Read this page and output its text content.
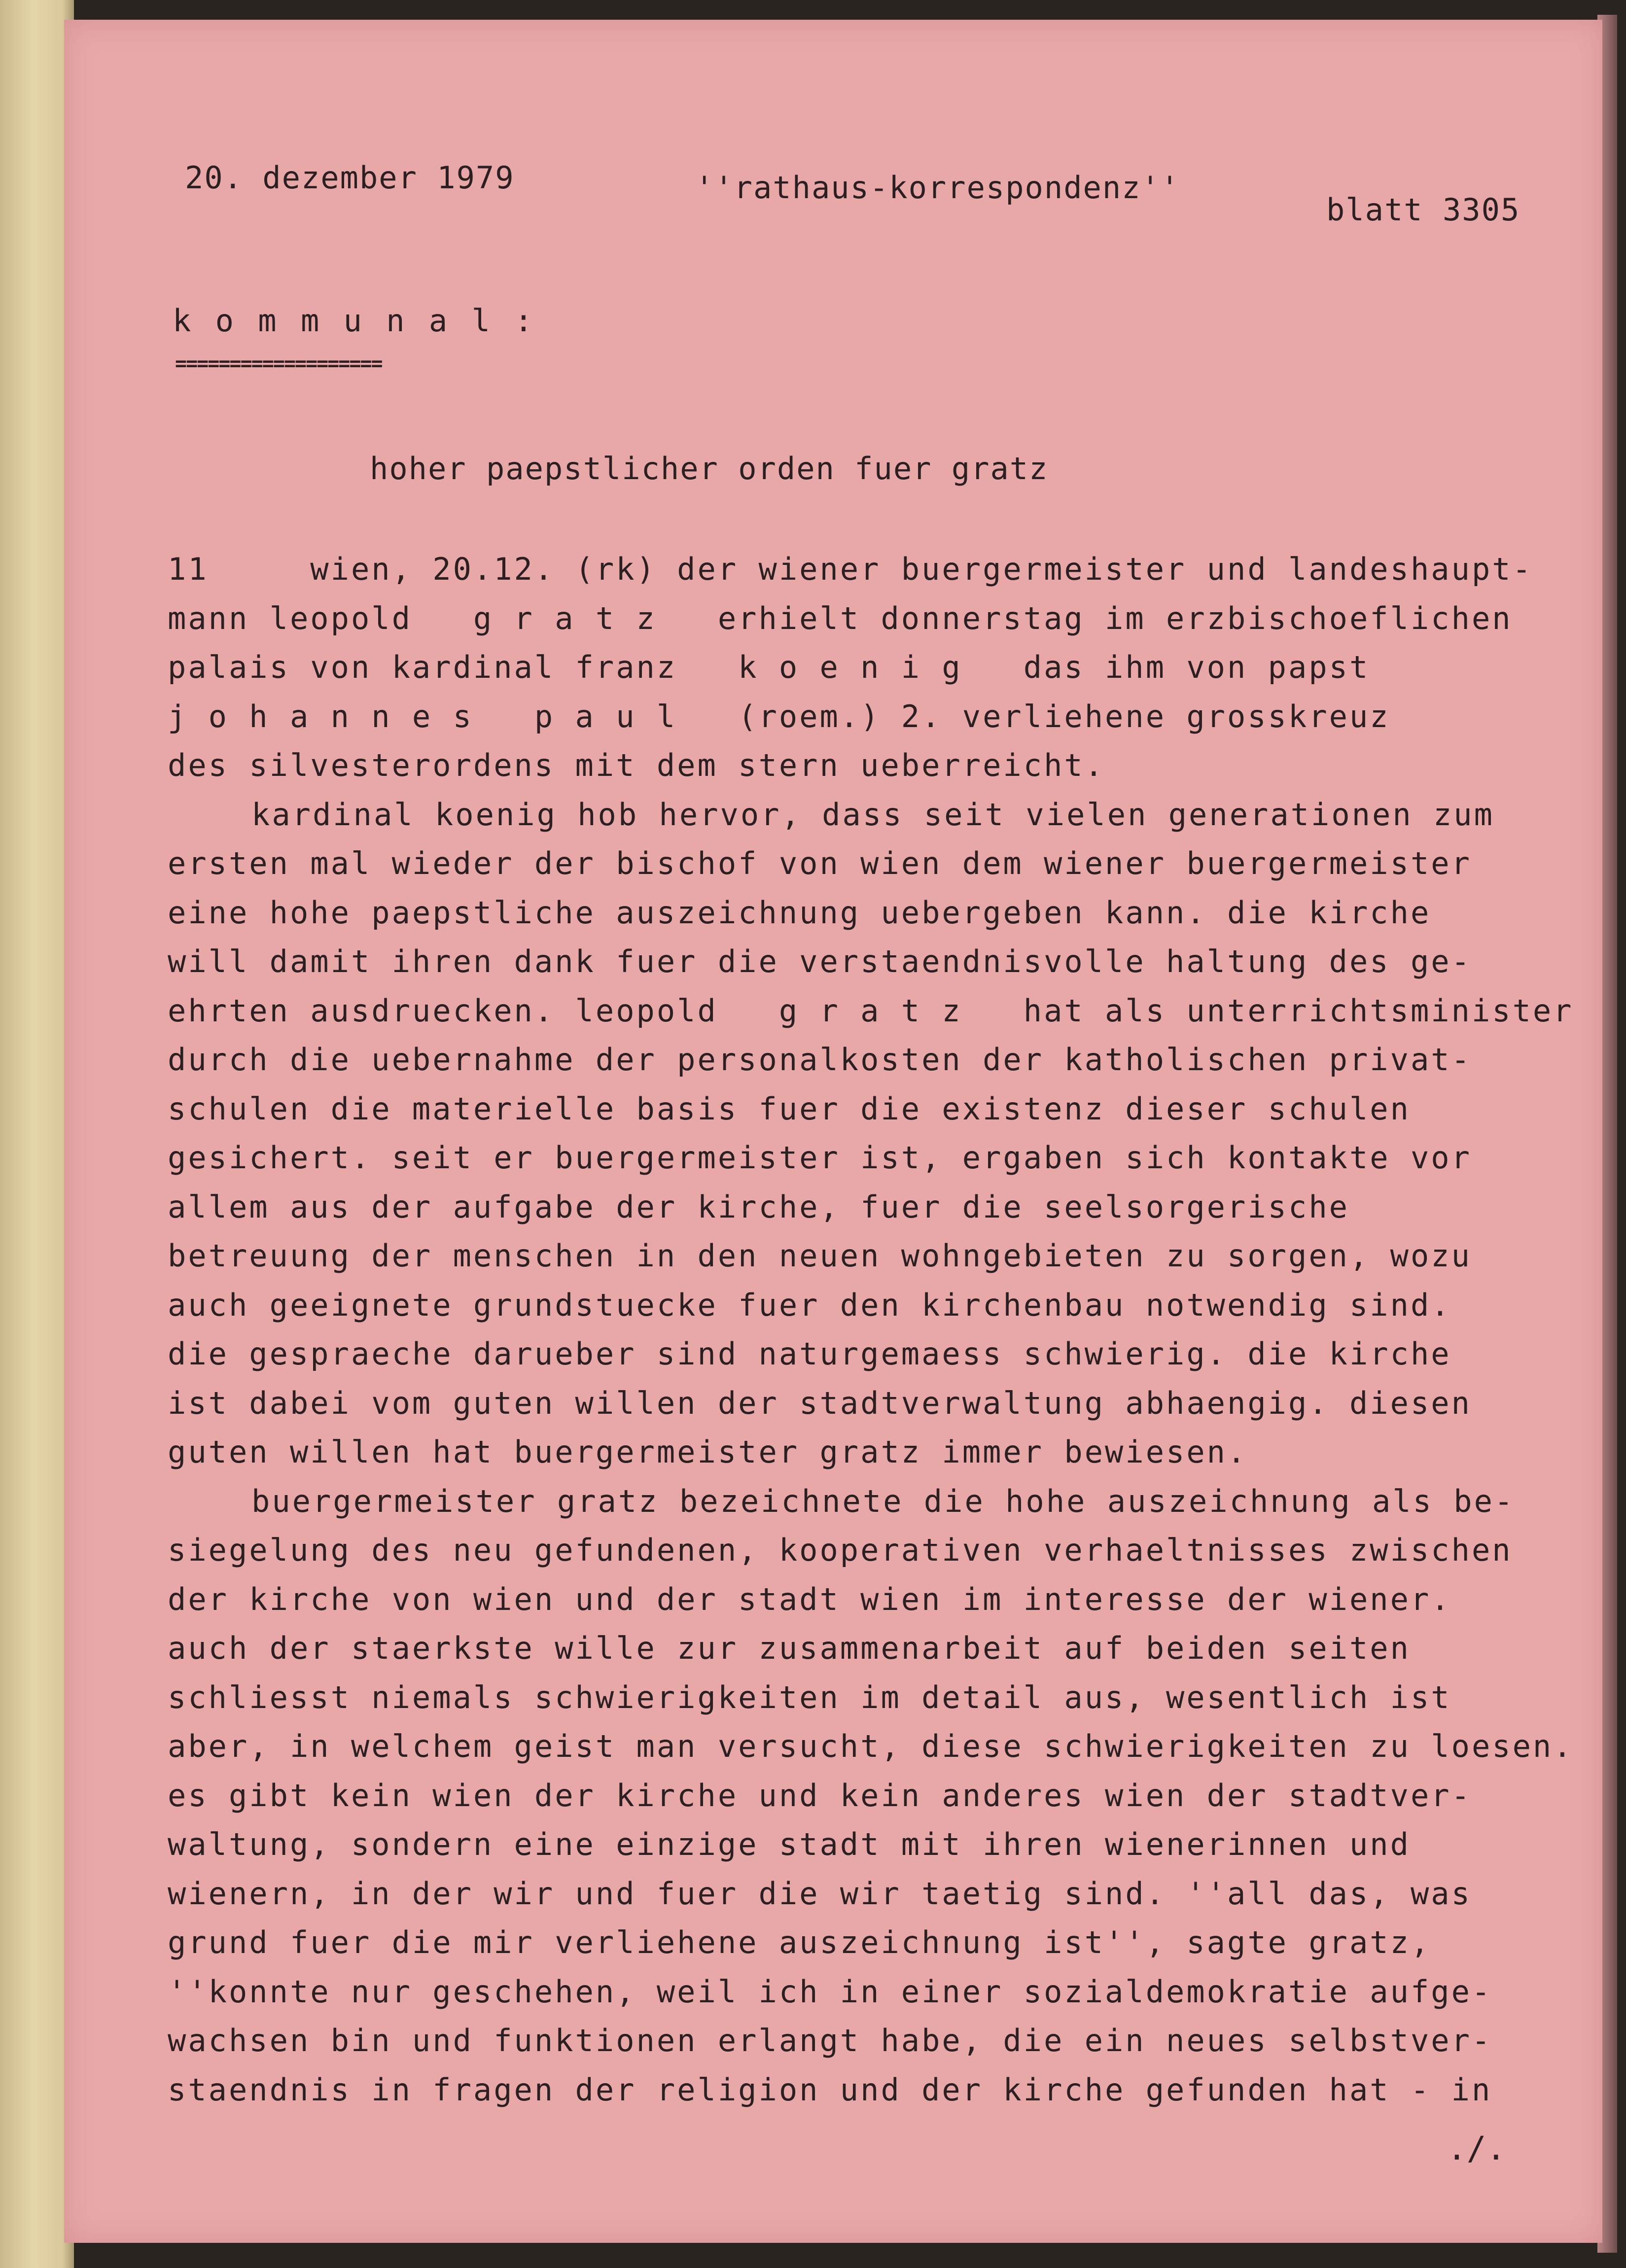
20. dezember 1979	''rathaus-korrespondenz''
blatt 3305
k o m m u n a l :
===================
hoher paepstlicher orden fuer gratz
11     wien, 20.12. (rk) der wiener buergermeister und landeshaupt-
mann leopold   g r a t z   erhielt donnerstag im erzbischoeflichen
palais von kardinal franz   k o e n i g   das ihm von papst
j o h a n n e s   p a u l   (roem.) 2. verliehene grosskreuz
des silvesterordens mit dem stern ueberreicht.
kardinal koenig hob hervor, dass seit vielen generationen zum
ersten mal wieder der bischof von wien dem wiener buergermeister
eine hohe paepstliche auszeichnung uebergeben kann. die kirche
will damit ihren dank fuer die verstaendnisvolle haltung des ge-
ehrten ausdruecken. leopold   g r a t z   hat als unterrichtsminister
durch die uebernahme der personalkosten der katholischen privat-
schulen die materielle basis fuer die existenz dieser schulen
gesichert. seit er buergermeister ist, ergaben sich kontakte vor
allem aus der aufgabe der kirche, fuer die seelsorgerische
betreuung der menschen in den neuen wohngebieten zu sorgen, wozu
auch geeignete grundstuecke fuer den kirchenbau notwendig sind.
die gespraeche darueber sind naturgemaess schwierig. die kirche
ist dabei vom guten willen der stadtverwaltung abhaengig. diesen
guten willen hat buergermeister gratz immer bewiesen.
buergermeister gratz bezeichnete die hohe auszeichnung als be-
siegelung des neu gefundenen, kooperativen verhaeltnisses zwischen
der kirche von wien und der stadt wien im interesse der wiener.
auch der staerkste wille zur zusammenarbeit auf beiden seiten
schliesst niemals schwierigkeiten im detail aus, wesentlich ist
aber, in welchem geist man versucht, diese schwierigkeiten zu loesen.
es gibt kein wien der kirche und kein anderes wien der stadtver-
waltung, sondern eine einzige stadt mit ihren wienerinnen und
wienern, in der wir und fuer die wir taetig sind. ''all das, was
grund fuer die mir verliehene auszeichnung ist'', sagte gratz,
''konnte nur geschehen, weil ich in einer sozialdemokratie aufge-
wachsen bin und funktionen erlangt habe, die ein neues selbstver-
staendnis in fragen der religion und der kirche gefunden hat - in
./.
